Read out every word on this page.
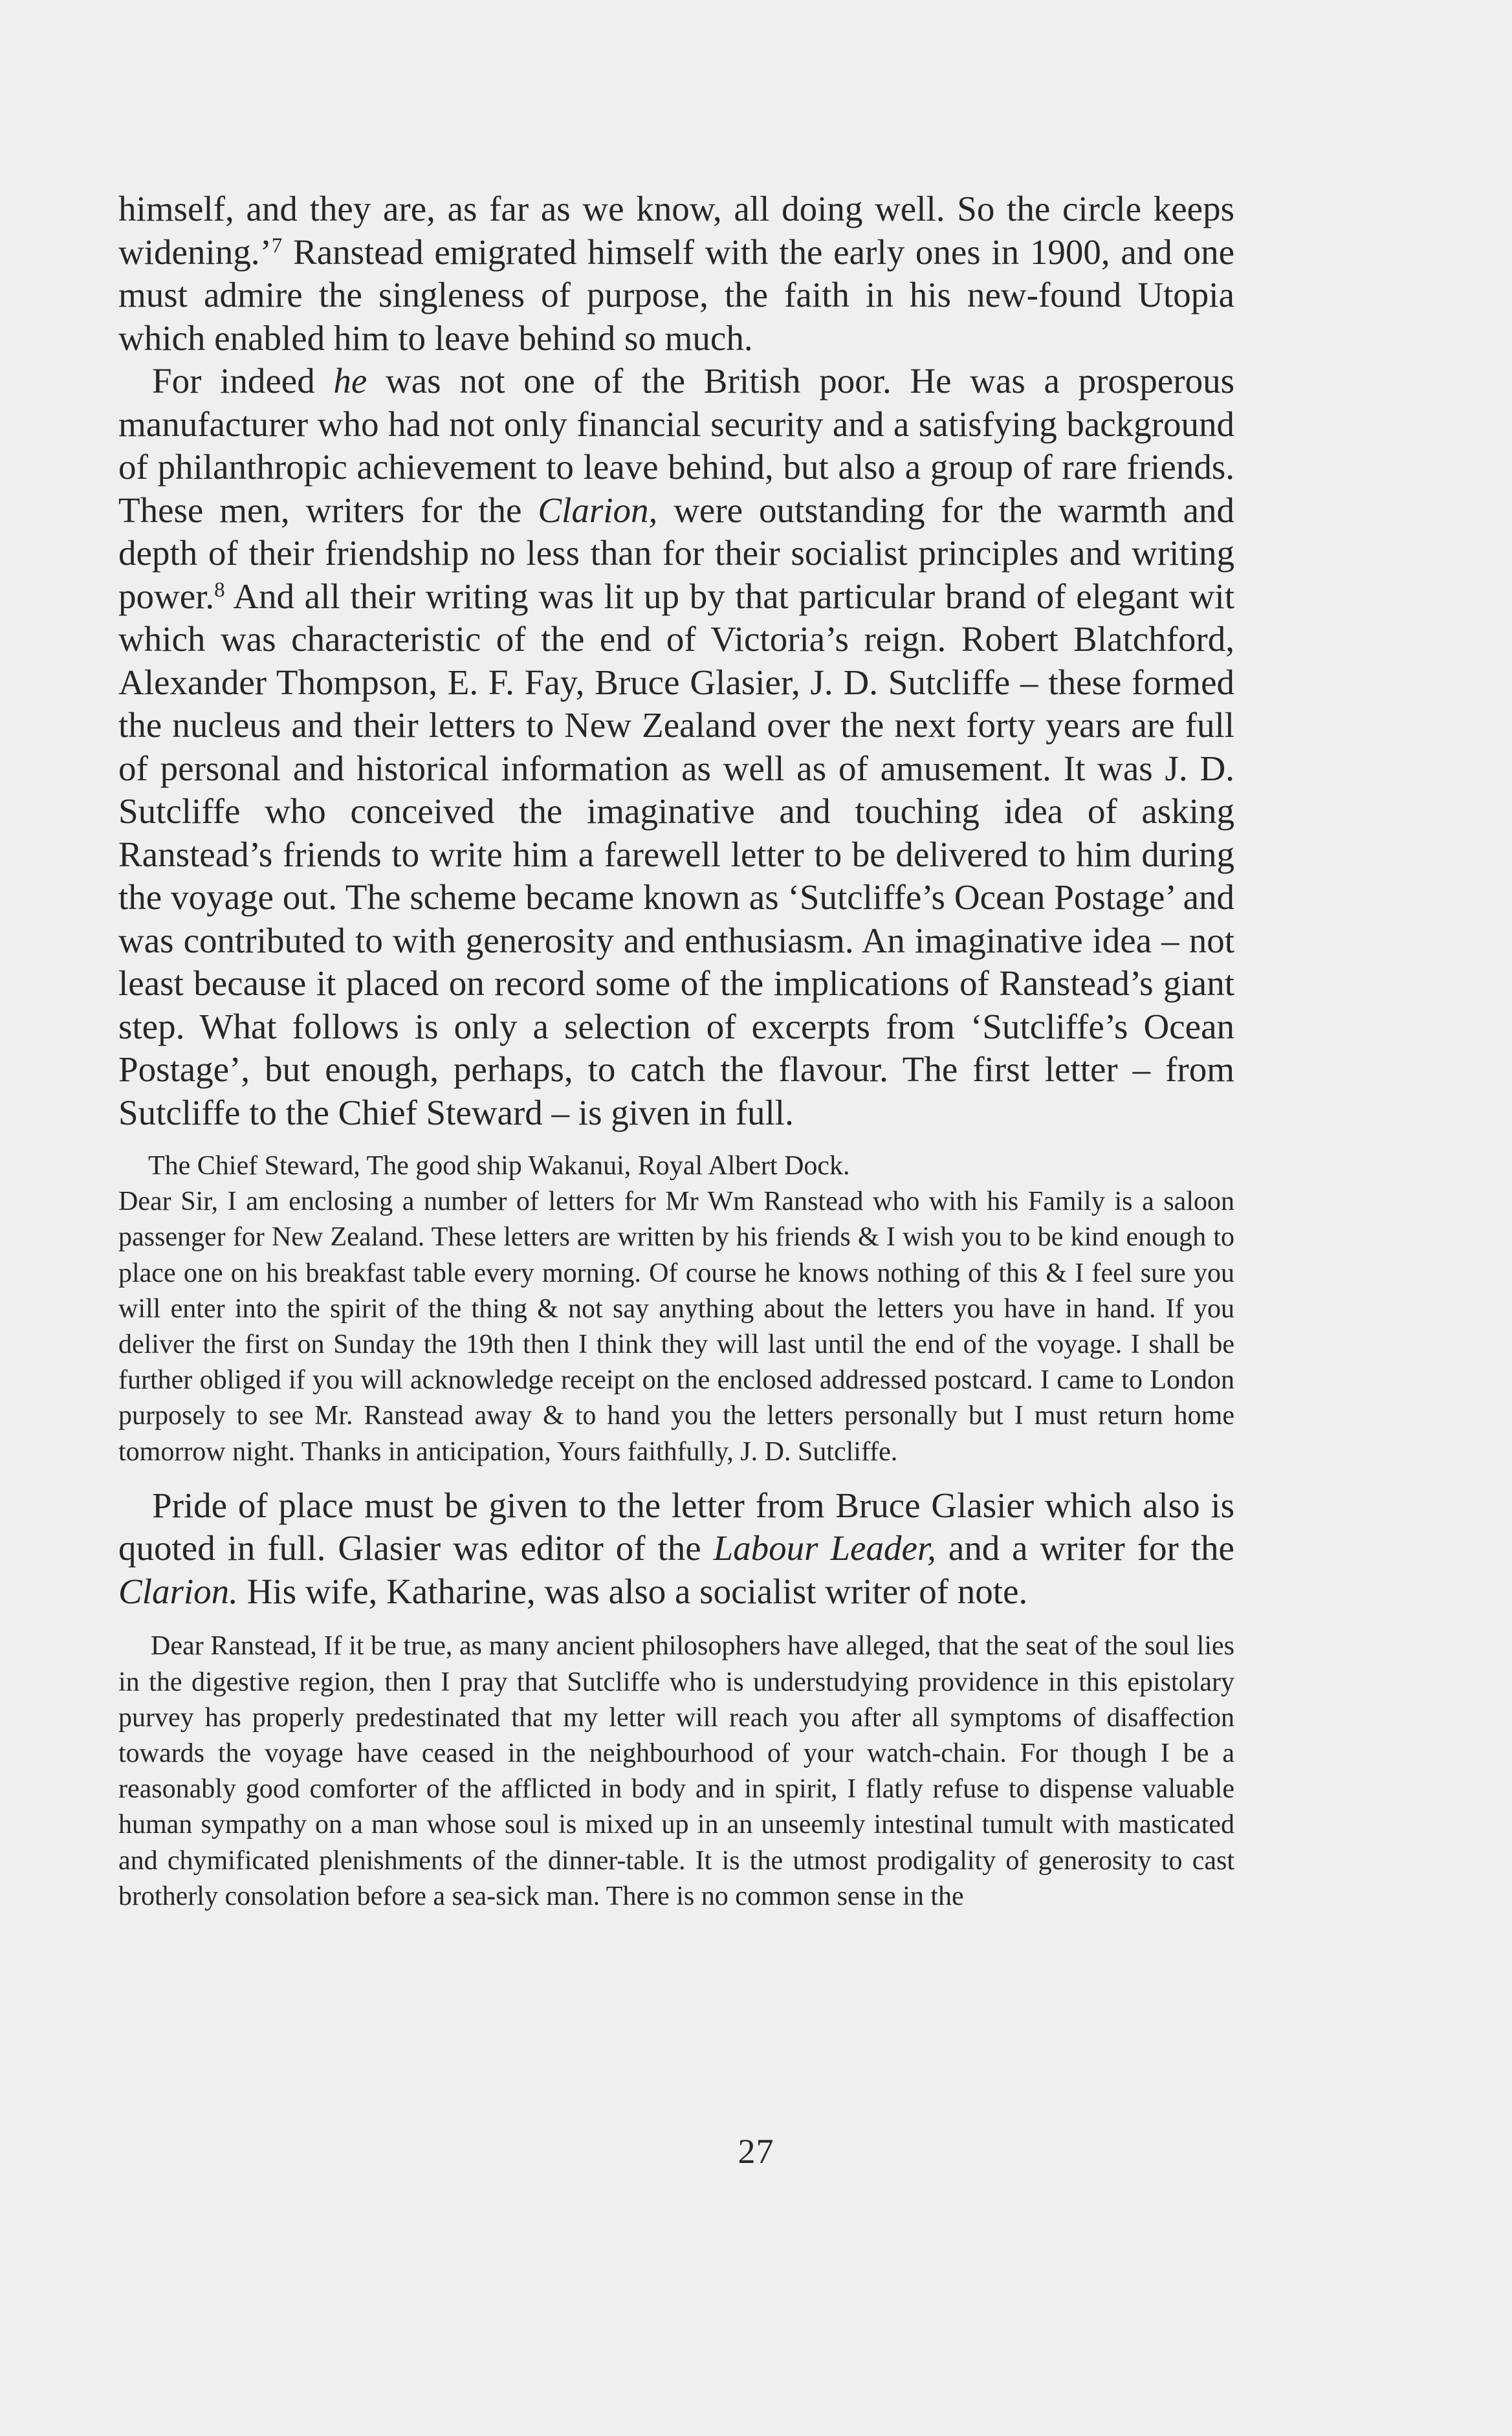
himself, and they are, as far as we know, all doing well. So the circle keeps widening.’$^7$ Ranstead emigrated himself with the early ones in 1900, and one must admire the singleness of purpose, the faith in his new-found Utopia which enabled him to leave behind so much.

For indeed he was not one of the British poor. He was a prosperous manufacturer who had not only financial security and a satisfying background of philanthropic achievement to leave behind, but also a group of rare friends. These men, writers for the Clarion, were outstanding for the warmth and depth of their friendship no less than for their socialist principles and writing power.$^8$ And all their writing was lit up by that particular brand of elegant wit which was characteristic of the end of Victoria’s reign. Robert Blatchford, Alexander Thompson, E. F. Fay, Bruce Glasier, J. D. Sutcliffe – these formed the nucleus and their letters to New Zealand over the next forty years are full of personal and historical information as well as of amusement. It was J. D. Sutcliffe who conceived the imaginative and touching idea of asking Ranstead’s friends to write him a farewell letter to be delivered to him during the voyage out. The scheme became known as ‘Sutcliffe’s Ocean Postage’ and was contributed to with generosity and enthusiasm. An imaginative idea – not least because it placed on record some of the implications of Ranstead’s giant step. What follows is only a selection of excerpts from ‘Sutcliffe’s Ocean Postage’, but enough, perhaps, to catch the flavour. The first letter – from Sutcliffe to the Chief Steward – is given in full.

The Chief Steward, The good ship Wakanui, Royal Albert Dock.

Dear Sir, I am enclosing a number of letters for Mr Wm Ranstead who with his Family is a saloon passenger for New Zealand. These letters are written by his friends & I wish you to be kind enough to place one on his breakfast table every morning. Of course he knows nothing of this & I feel sure you will enter into the spirit of the thing & not say anything about the letters you have in hand. If you deliver the first on Sunday the 19th then I think they will last until the end of the voyage. I shall be further obliged if you will acknowledge receipt on the enclosed addressed postcard. I came to London purposely to see Mr. Ranstead away & to hand you the letters personally but I must return home tomorrow night. Thanks in anticipation, Yours faithfully, J. D. Sutcliffe.

Pride of place must be given to the letter from Bruce Glasier which also is quoted in full. Glasier was editor of the Labour Leader, and a writer for the Clarion. His wife, Katharine, was also a socialist writer of note.

Dear Ranstead, If it be true, as many ancient philosophers have alleged, that the seat of the soul lies in the digestive region, then I pray that Sutcliffe who is understudying providence in this epistolary purvey has properly predestinated that my letter will reach you after all symptoms of disaffection towards the voyage have ceased in the neighbourhood of your watch-chain. For though I be a reasonably good comforter of the afflicted in body and in spirit, I flatly refuse to dispense valuable human sympathy on a man whose soul is mixed up in an unseemly intestinal tumult with masticated and chymificated plenishments of the dinner-table. It is the utmost prodigality of generosity to cast brotherly consolation before a sea-sick man. There is no common sense in the

27
